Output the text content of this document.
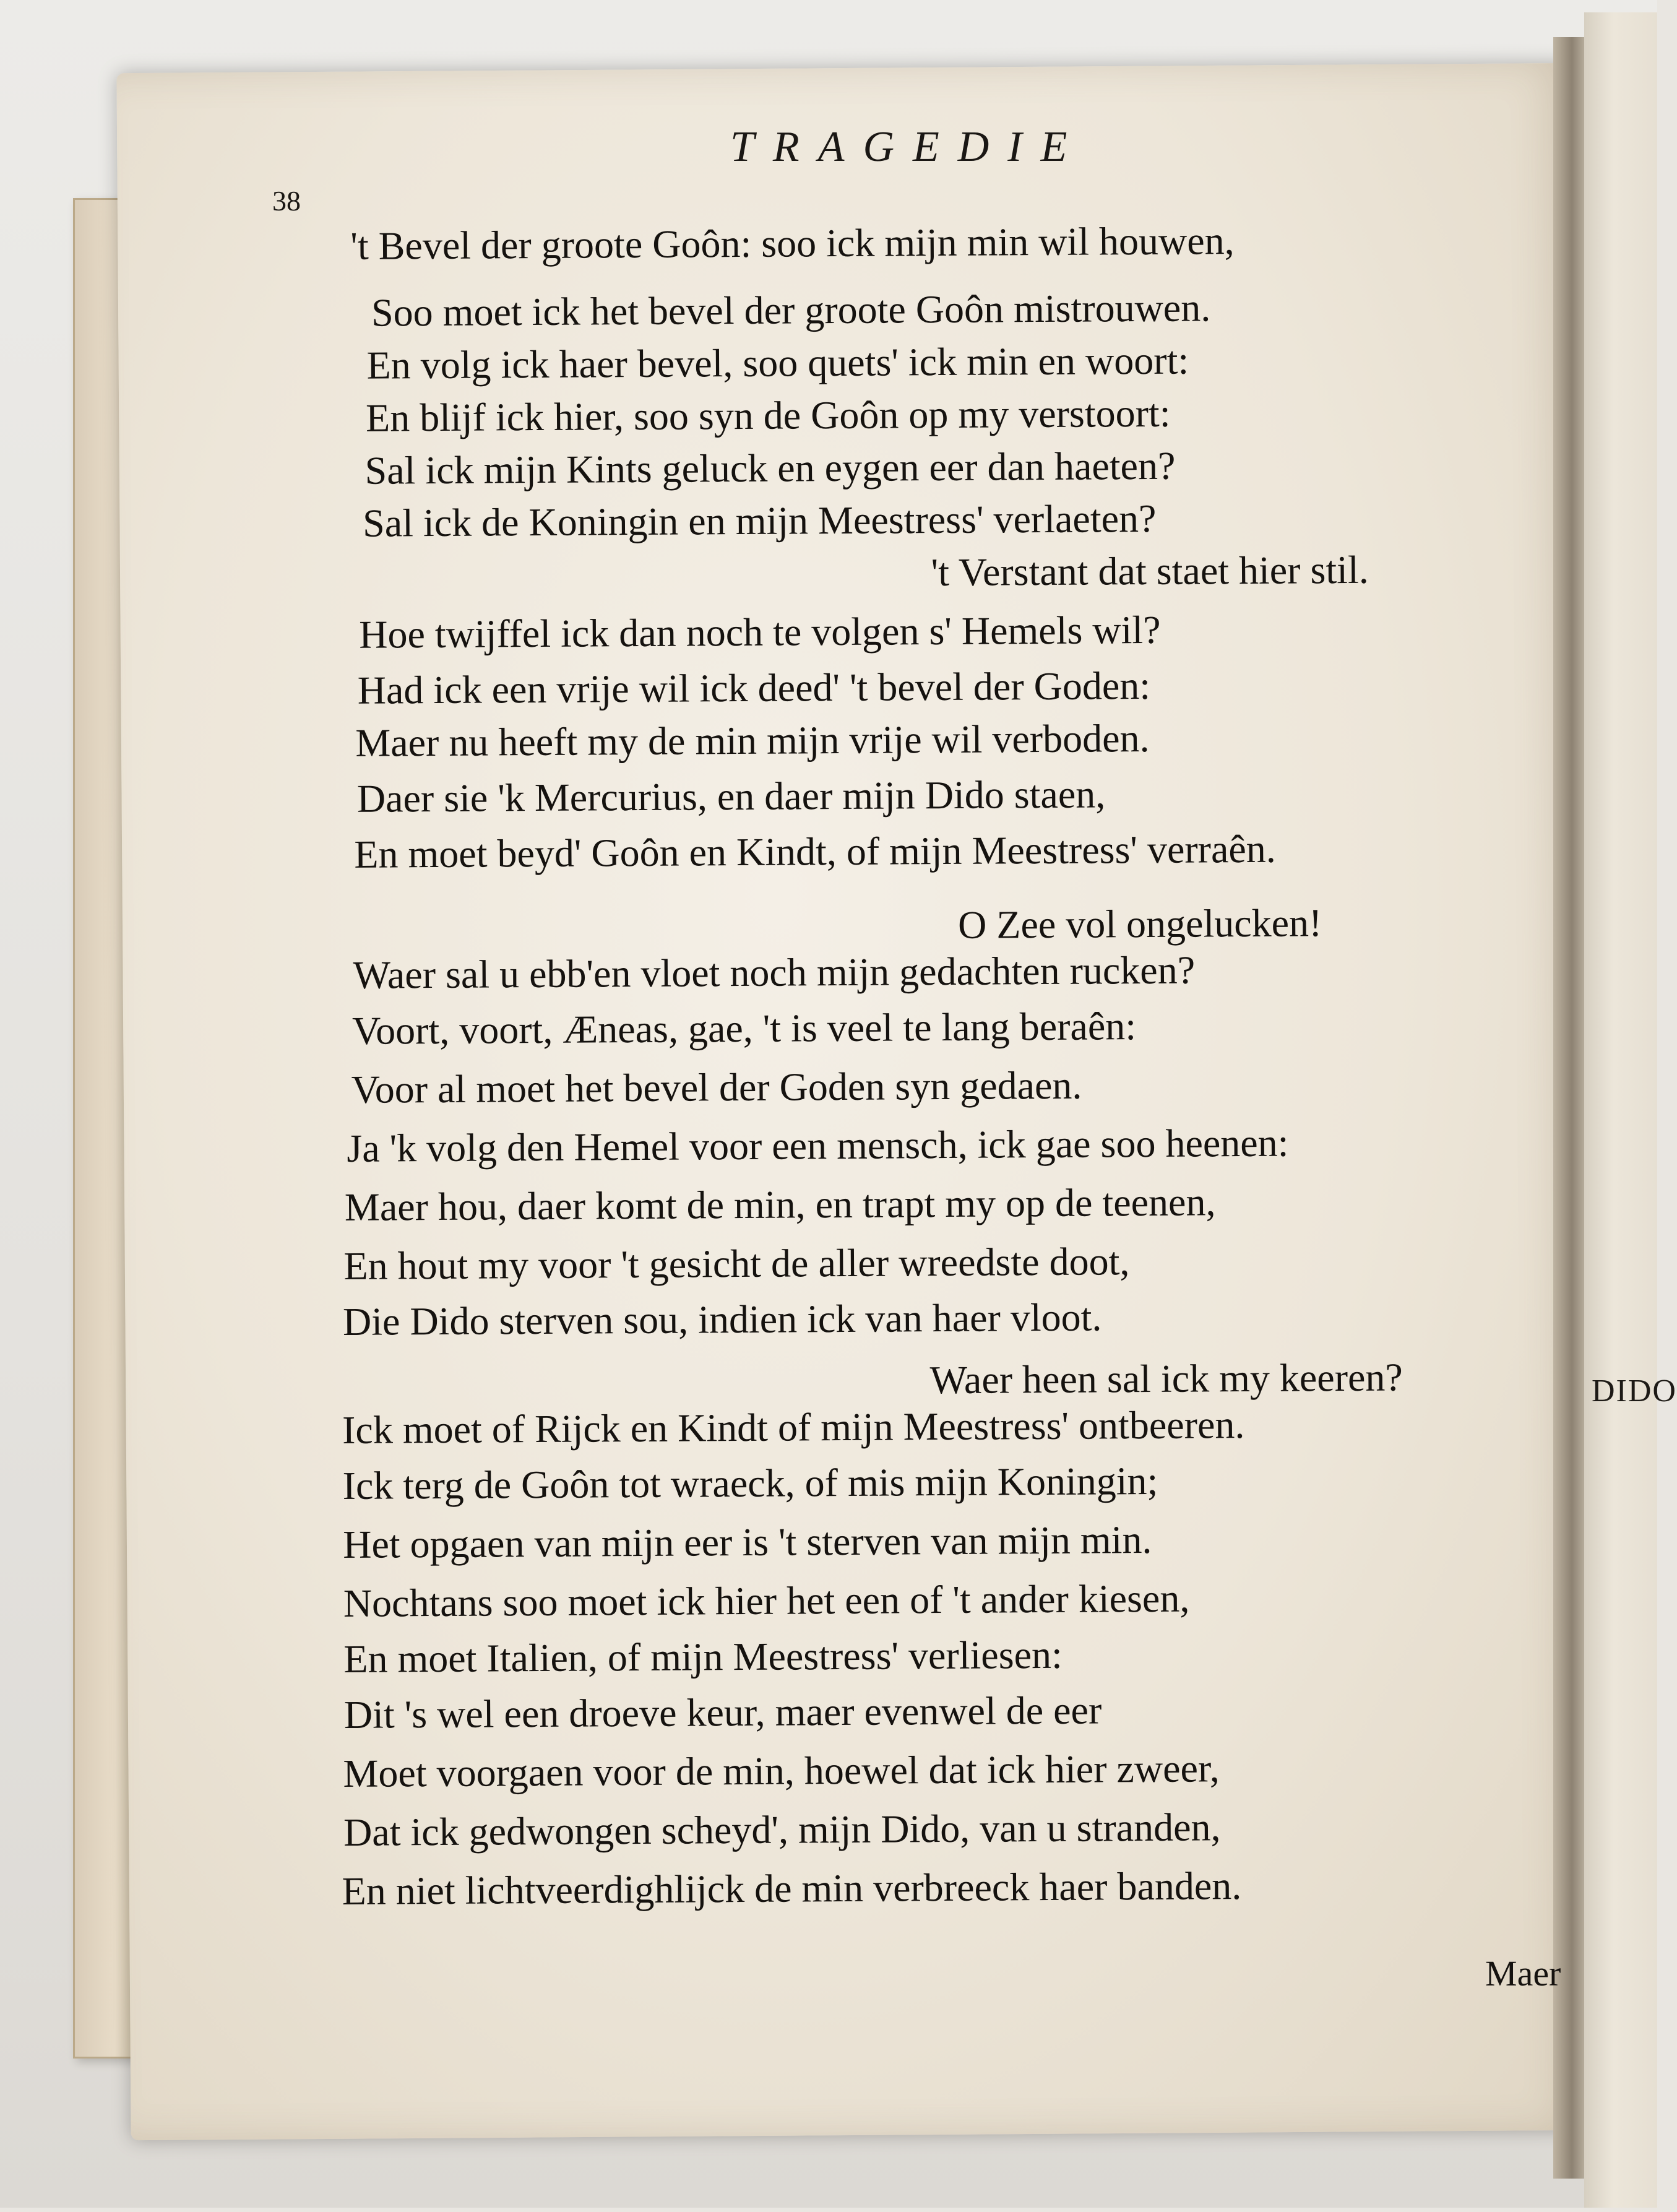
DIDO
TRAGEDIE
38
't Bevel der groote Goôn: soo ick mijn min wil houwen,
Soo moet ick het bevel der groote Goôn mistrouwen.
En volg ick haer bevel, soo quets' ick min en woort:
En blijf ick hier, soo syn de Goôn op my verstoort:
Sal ick mijn Kints geluck en eygen eer dan haeten?
Sal ick de Koningin en mijn Meestress' verlaeten?
't Verstant dat staet hier stil.
Hoe twijffel ick dan noch te volgen s' Hemels wil?
Had ick een vrije wil ick deed' 't bevel der Goden:
Maer nu heeft my de min mijn vrije wil verboden.
Daer sie 'k Mercurius, en daer mijn Dido staen,
En moet beyd' Goôn en Kindt, of mijn Meestress' verraên.
O Zee vol ongelucken!
Waer sal u ebb'en vloet noch mijn gedachten rucken?
Voort, voort, Æneas, gae, 't is veel te lang beraên:
Voor al moet het bevel der Goden syn gedaen.
Ja 'k volg den Hemel voor een mensch, ick gae soo heenen:
Maer hou, daer komt de min, en trapt my op de teenen,
En hout my voor 't gesicht de aller wreedste doot,
Die Dido sterven sou, indien ick van haer vloot.
Waer heen sal ick my keeren?
Ick moet of Rijck en Kindt of mijn Meestress' ontbeeren.
Ick terg de Goôn tot wraeck, of mis mijn Koningin;
Het opgaen van mijn eer is 't sterven van mijn min.
Nochtans soo moet ick hier het een of 't ander kiesen,
En moet Italien, of mijn Meestress' verliesen:
Dit 's wel een droeve keur, maer evenwel de eer
Moet voorgaen voor de min, hoewel dat ick hier zweer,
Dat ick gedwongen scheyd', mijn Dido, van u stranden,
En niet lichtveerdighlijck de min verbreeck haer banden.
Maer
